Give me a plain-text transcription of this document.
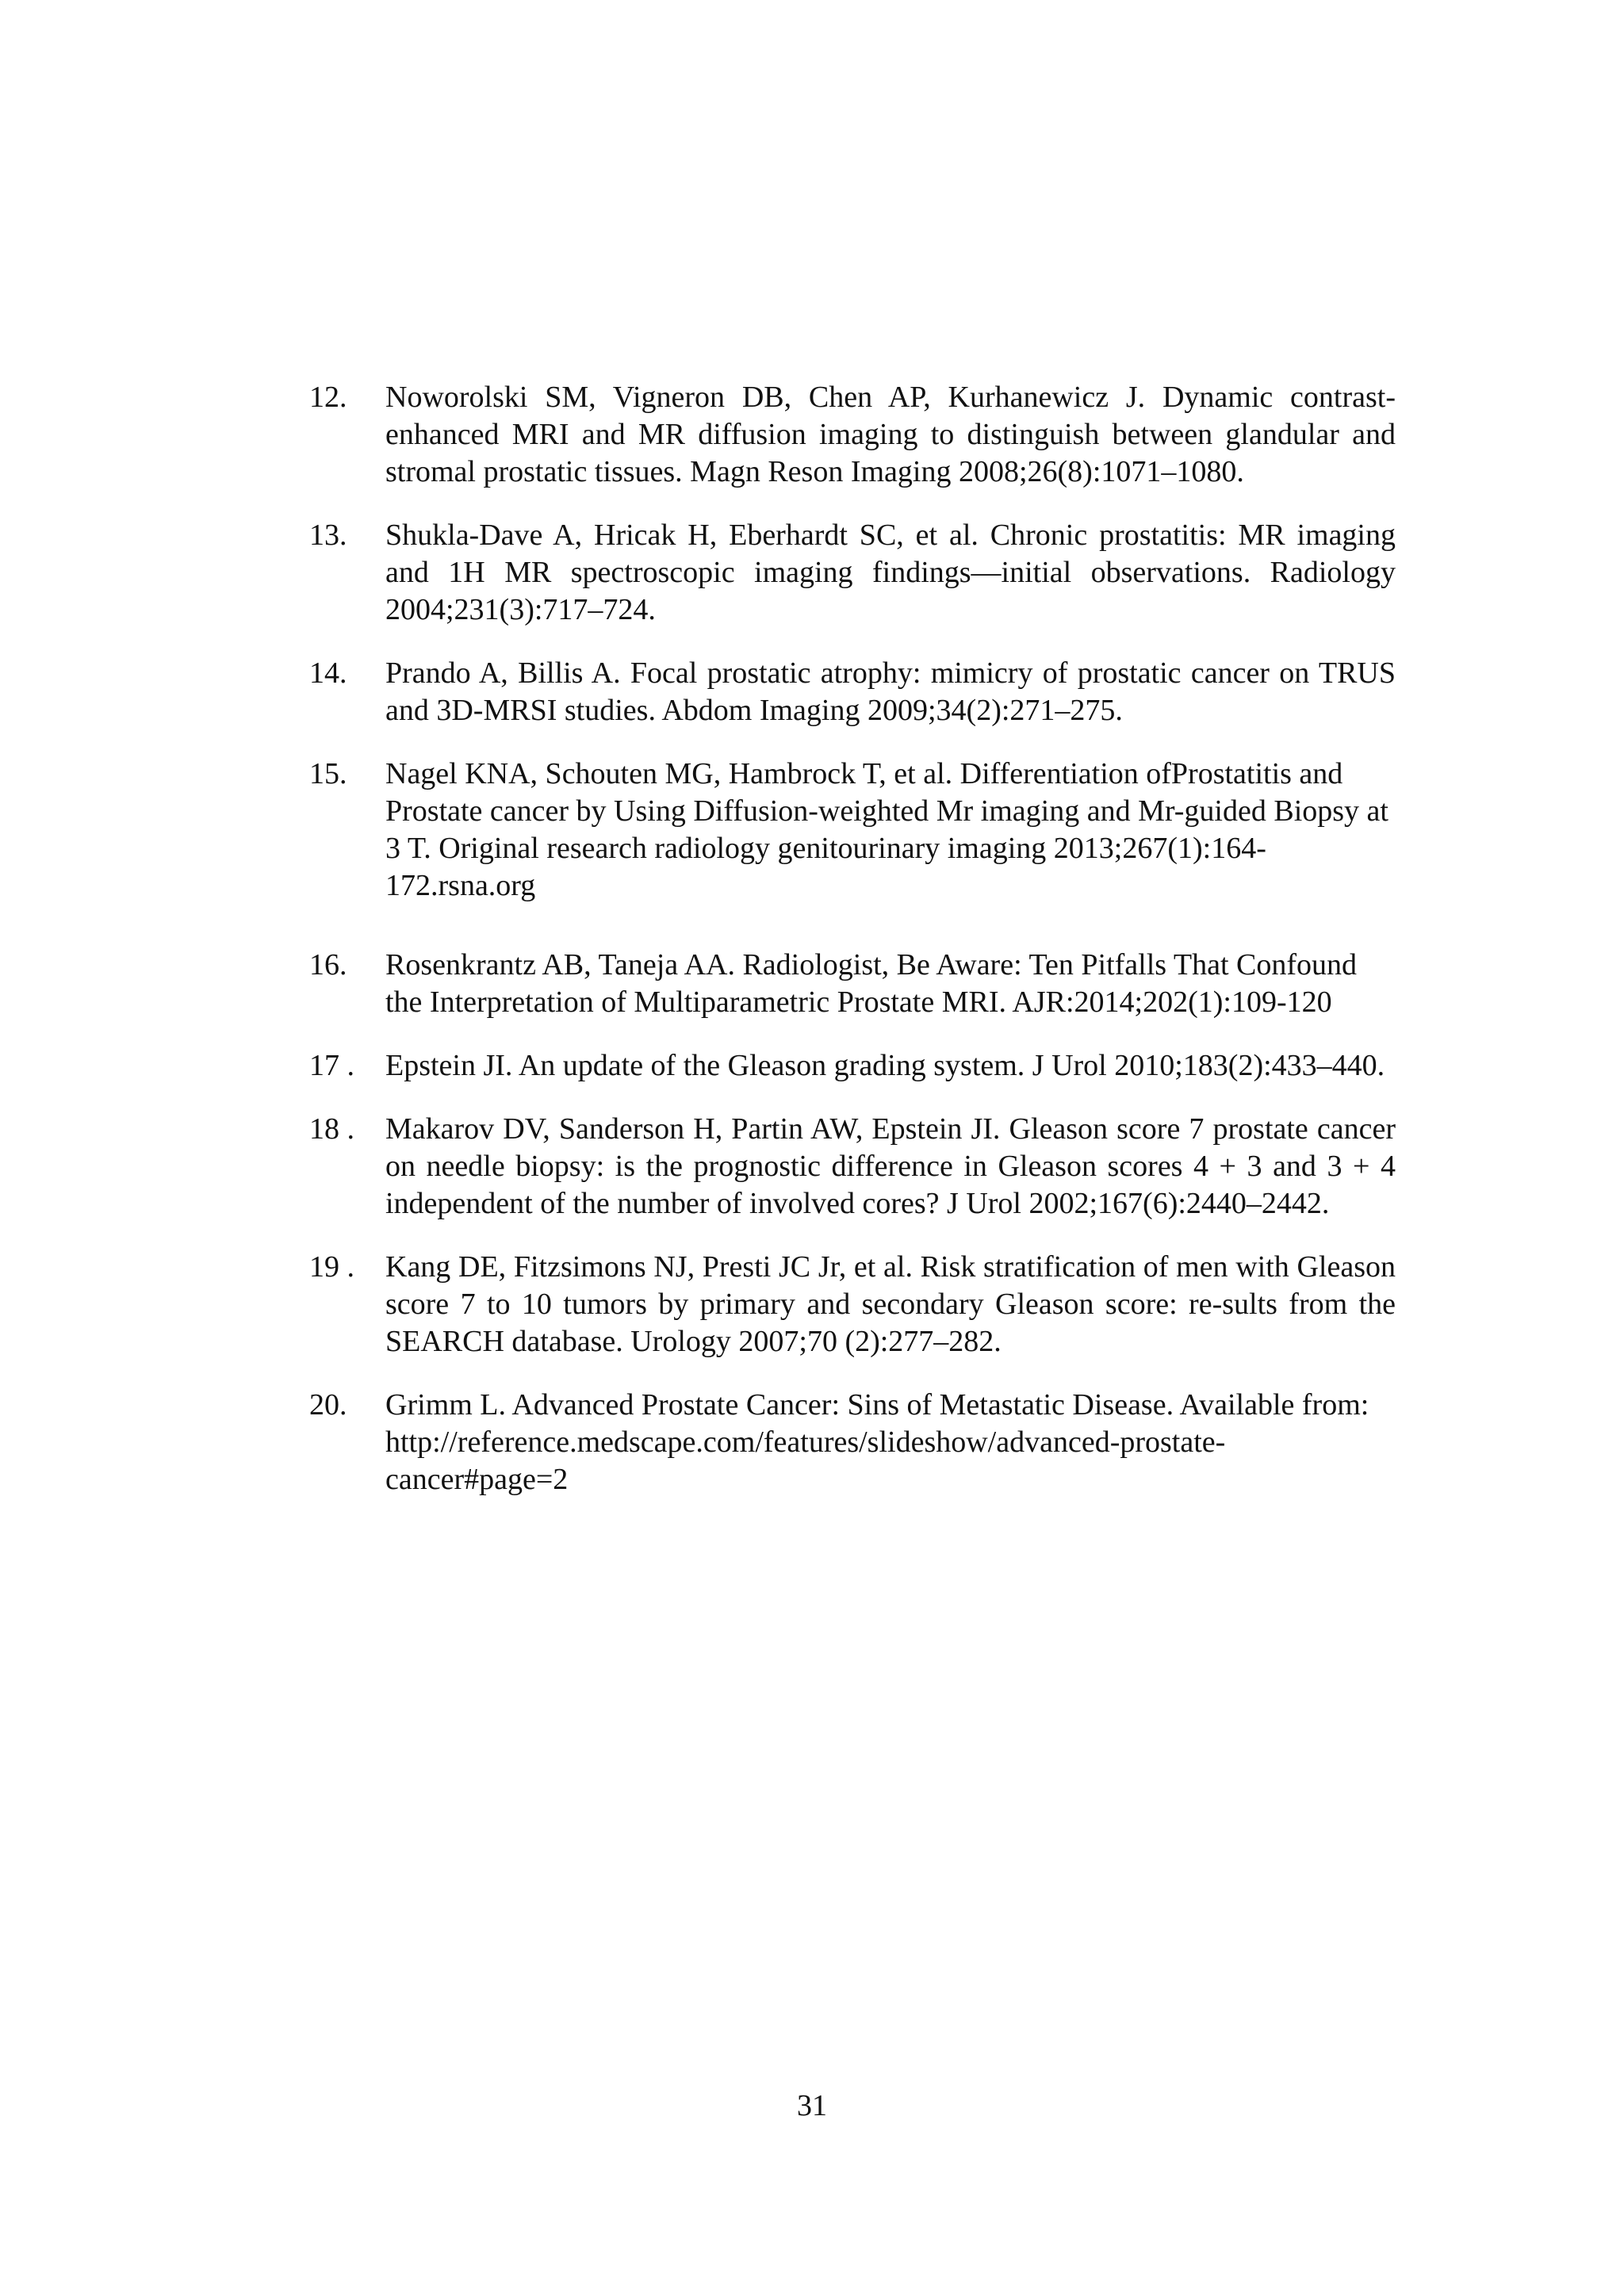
12.	Noworolski SM, Vigneron DB, Chen AP, Kurhanewicz J. Dynamic contrast-enhanced MRI and MR diffusion imaging to distinguish between glandular and stromal prostatic tissues. Magn Reson Imaging 2008;26(8):1071–1080.
13.	Shukla-Dave A, Hricak H, Eberhardt SC, et al. Chronic prostatitis: MR imaging and 1H MR spectroscopic imaging findings—initial observations. Radiology 2004;231(3):717–724.
14.	Prando A, Billis A. Focal prostatic atrophy: mimicry of prostatic cancer on TRUS and 3D-MRSI studies. Abdom Imaging 2009;34(2):271–275.
15.	Nagel KNA, Schouten MG, Hambrock T, et al. Differentiation ofProstatitis and Prostate cancer by Using Diffusion-weighted Mr imaging and Mr-guided Biopsy at 3 T. Original research radiology genitourinary imaging 2013;267(1):164-172.rsna.org
16.	Rosenkrantz AB, Taneja AA. Radiologist, Be Aware: Ten Pitfalls That Confound the Interpretation of Multiparametric Prostate MRI. AJR:2014;202(1):109-120
17 .	Epstein JI. An update of the Gleason grading system. J Urol 2010;183(2):433–440.
18 .	Makarov DV, Sanderson H, Partin AW, Epstein JI. Gleason score 7 prostate cancer on needle biopsy: is the prognostic difference in Gleason scores 4 + 3 and 3 + 4 independent of the number of involved cores? J Urol 2002;167(6):2440–2442.
19 .	Kang DE, Fitzsimons NJ, Presti JC Jr, et al. Risk stratification of men with Gleason score 7 to 10 tumors by primary and secondary Gleason score: re-sults from the SEARCH database. Urology 2007;70 (2):277–282.
20.	Grimm L. Advanced Prostate Cancer: Sins of Metastatic Disease. Available from: http://reference.medscape.com/features/slideshow/advanced-prostate-cancer#page=2
31
